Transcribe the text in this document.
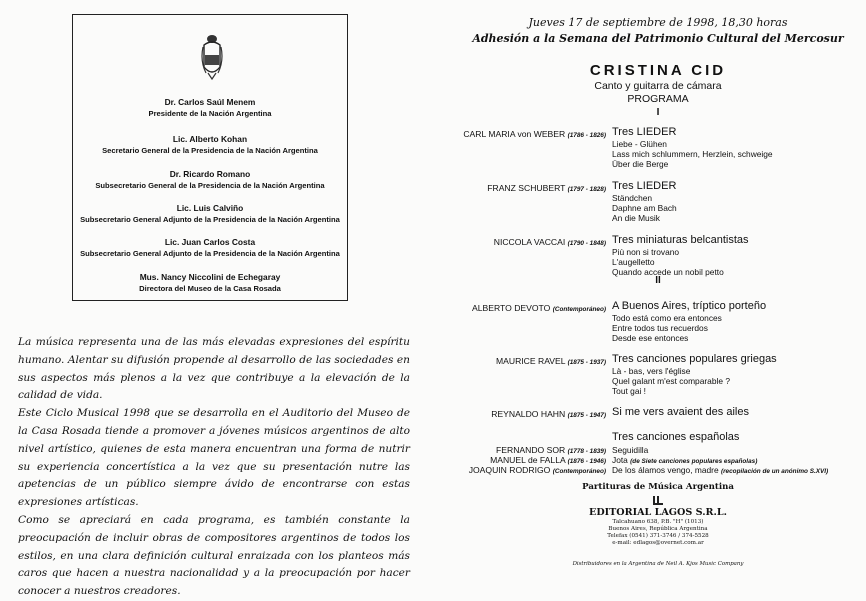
Dr. Carlos Saúl Menem
Presidente de la Nación Argentina
Lic. Alberto Kohan
Secretario General de la Presidencia de la Nación Argentina
Dr. Ricardo Romano
Subsecretario General de la Presidencia de la Nación Argentina
Lic. Luis Calviño
Subsecretario General Adjunto de la Presidencia de la Nación Argentina
Lic. Juan Carlos Costa
Subsecretario General Adjunto de la Presidencia de la Nación Argentina
Mus. Nancy Niccolini de Echegaray
Directora del Museo de la Casa Rosada

La música representa una de las más elevadas expresiones del espíritu humano. Alentar su difusión propende al desarrollo de las sociedades en sus aspectos más plenos a la vez que contribuye a la elevación de la calidad de vida.

Este Ciclo Musical 1998 que se desarrolla en el Auditorio del Museo de la Casa Rosada tiende a promover a jóvenes músicos argentinos de alto nivel artístico, quienes de esta manera encuentran una forma de nutrir su experiencia concertística a la vez que su presentación nutre las apetencias de un público siempre ávido de encontrarse con estas expresiones artísticas.

Como se apreciará en cada programa, es también constante la preocupación de incluir obras de compositores argentinos de todos los estilos, en una clara definición cultural enraizada con los planteos más caros que hacen a nuestra nacionalidad y a la preocupación por hacer conocer a nuestros creadores.

Jueves 17 de septiembre de 1998, 18,30 horas
Adhesión a la Semana del Patrimonio Cultural del Mercosur
CRISTINA CID
Canto y guitarra de cámara
PROGRAMA
I
II
CARL MARIA von WEBER (1786 - 1826) Tres LIEDER
Liebe - Glühen
Lass mich schlummern, Herzlein, schweige
Über die Berge
FRANZ SCHUBERT (1797 - 1828) Tres LIEDER
Ständchen
Daphne am Bach
An die Musik
NICCOLA VACCAI (1790 - 1848) Tres miniaturas belcantistas
Più non si trovano
L'augelletto
Quando accede un nobil petto
ALBERTO DEVOTO (Contemporáneo) A Buenos Aires, tríptico porteño
Todo está como era entonces
Entre todos tus recuerdos
Desde ese entonces
MAURICE RAVEL (1875 - 1937) Tres canciones populares griegas
Là - bas, vers l'église
Quel galant m'est comparable ?
Tout gai !
REYNALDO HAHN (1875 - 1947) Si me vers avaient des ailes
Tres canciones españolas
FERNANDO SOR (1778 - 1839) Seguidilla
MANUEL de FALLA (1876 - 1946) Jota (de Siete canciones populares españolas)
JOAQUIN RODRIGO (Contemporáneo) De los álamos vengo, madre (recopilación de un anónimo S.XVI)
Partituras de Música Argentina
EDITORIAL LAGOS S.R.L.
Talcahuano 638, P.B. "H" (1013)
Buenos Aires, República Argentina
Telefax (0541) 371-3746 / 374-5528
e-mail: edlagos@overnet.com.ar
Distribuidores en la Argentina de Neil A. Kjos Music Company
